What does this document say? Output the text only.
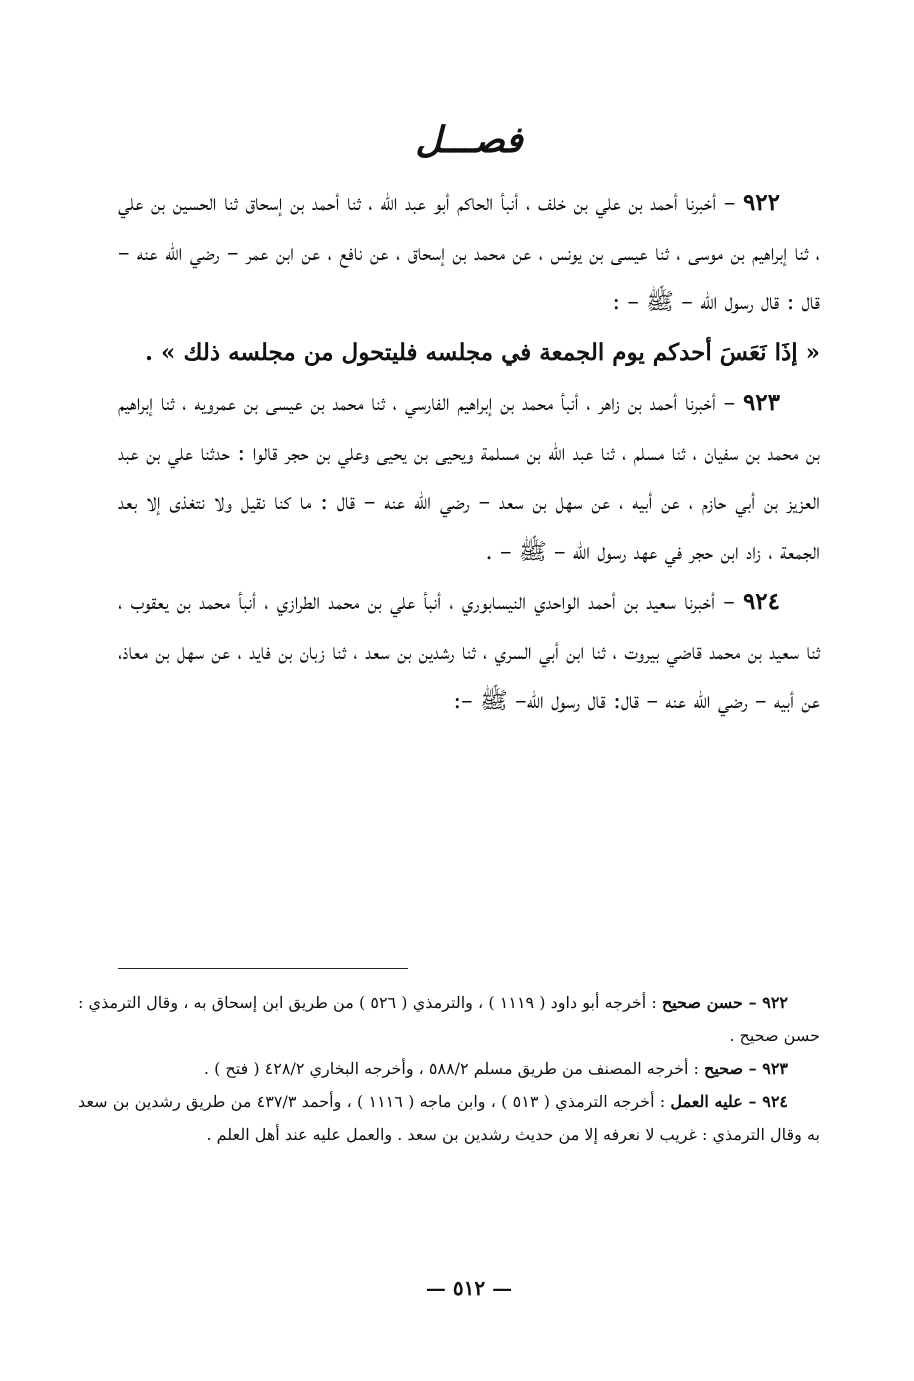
فصـــل

٩٢٢ – أخبرنا أحمد بن علي بن خلف ، أنبأ الحاكم أبو عبد الله ، ثنا أحمد بن إسحاق ثنا الحسين بن علي ، ثنا إبراهيم بن موسى ، ثنا عيسى بن يونس ، عن محمد بن إسحاق ، عن نافع ، عن ابن عمر – رضي الله عنه – قال : قال رسول الله – ﷺ – :
« إذَا نَعَسَ أحدكم يوم الجمعة في مجلسه فليتحول من مجلسه ذلك » .

٩٢٣ – أخبرنا أحمد بن زاهر ، أنبأ محمد بن إبراهيم الفارسي ، ثنا محمد بن عيسى بن عمرويه ، ثنا إبراهيم بن محمد بن سفيان ، ثنا مسلم ، ثنا عبد الله بن مسلمة ويحيى بن يحيى وعلي بن حجر قالوا : حدثنا علي بن عبد العزيز بن أبي حازم ، عن أبيه ، عن سهل بن سعد – رضي الله عنه – قال : ما كنا نقيل ولا نتغذى إلا بعد الجمعة ، زاد ابن حجر في عهد رسول الله – ﷺ – .

٩٢٤ – أخبرنا سعيد بن أحمد الواحدي النيسابوري ، أنبأ علي بن محمد الطرازي ، أنبأ محمد بن يعقوب ، ثنا سعيد بن محمد قاضي بيروت ، ثنا ابن أبي السري ، ثنا رشدين بن سعد ، ثنا زبان بن فايد ، عن سهل بن معاذ، عن أبيه – رضي الله عنه – قال: قال رسول الله– ﷺ –:

٩٢٢ – حسن صحيح : أخرجه أبو داود ( ١١١٩ ) ، والترمذي ( ٥٢٦ ) من طريق ابن إسحاق به ، وقال الترمذي : حسن صحيح .

٩٢٣ – صحيح : أخرجه المصنف من طريق مسلم ٥٨٨/٢ ، وأخرجه البخاري ٤٢٨/٢ ( فتح ) .

٩٢٤ – عليه العمل : أخرجه الترمذي ( ٥١٣ ) ، وابن ماجه ( ١١١٦ ) ، وأحمد ٤٣٧/٣ من طريق رشدين بن سعد به وقال الترمذي : غريب لا نعرفه إلا من حديث رشدين بن سعد . والعمل عليه عند أهل العلم .

— ٥١٢ —
